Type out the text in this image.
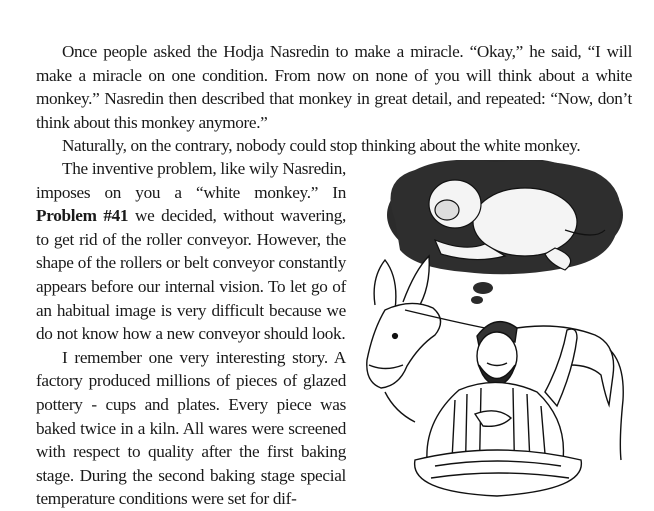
Once people asked the Hodja Nasredin to make a miracle. “Okay,” he said, “I will make a miracle on one condition. From now on none of you will think about a white monkey.” Nasredin then described that monkey in great detail, and repeated: “Now, don’t think about this monkey anymore.”

Naturally, on the contrary, nobody could stop thinking about the white monkey.

The inventive problem, like wily Nasredin, imposes on you a “white monkey.” In Problem #41 we decided, without wavering, to get rid of the roller conveyor. However, the shape of the rollers or belt conveyor constantly appears before our internal vision. To let go of an habitual image is very difficult because we do not know how a new conveyor should look.

I remember one very interesting story. A factory produced millions of pieces of glazed pottery - cups and plates. Every piece was baked twice in a kiln. All wares were screened with respect to quality after the first baking stage. During the second baking stage special temperature conditions were set for dif-
